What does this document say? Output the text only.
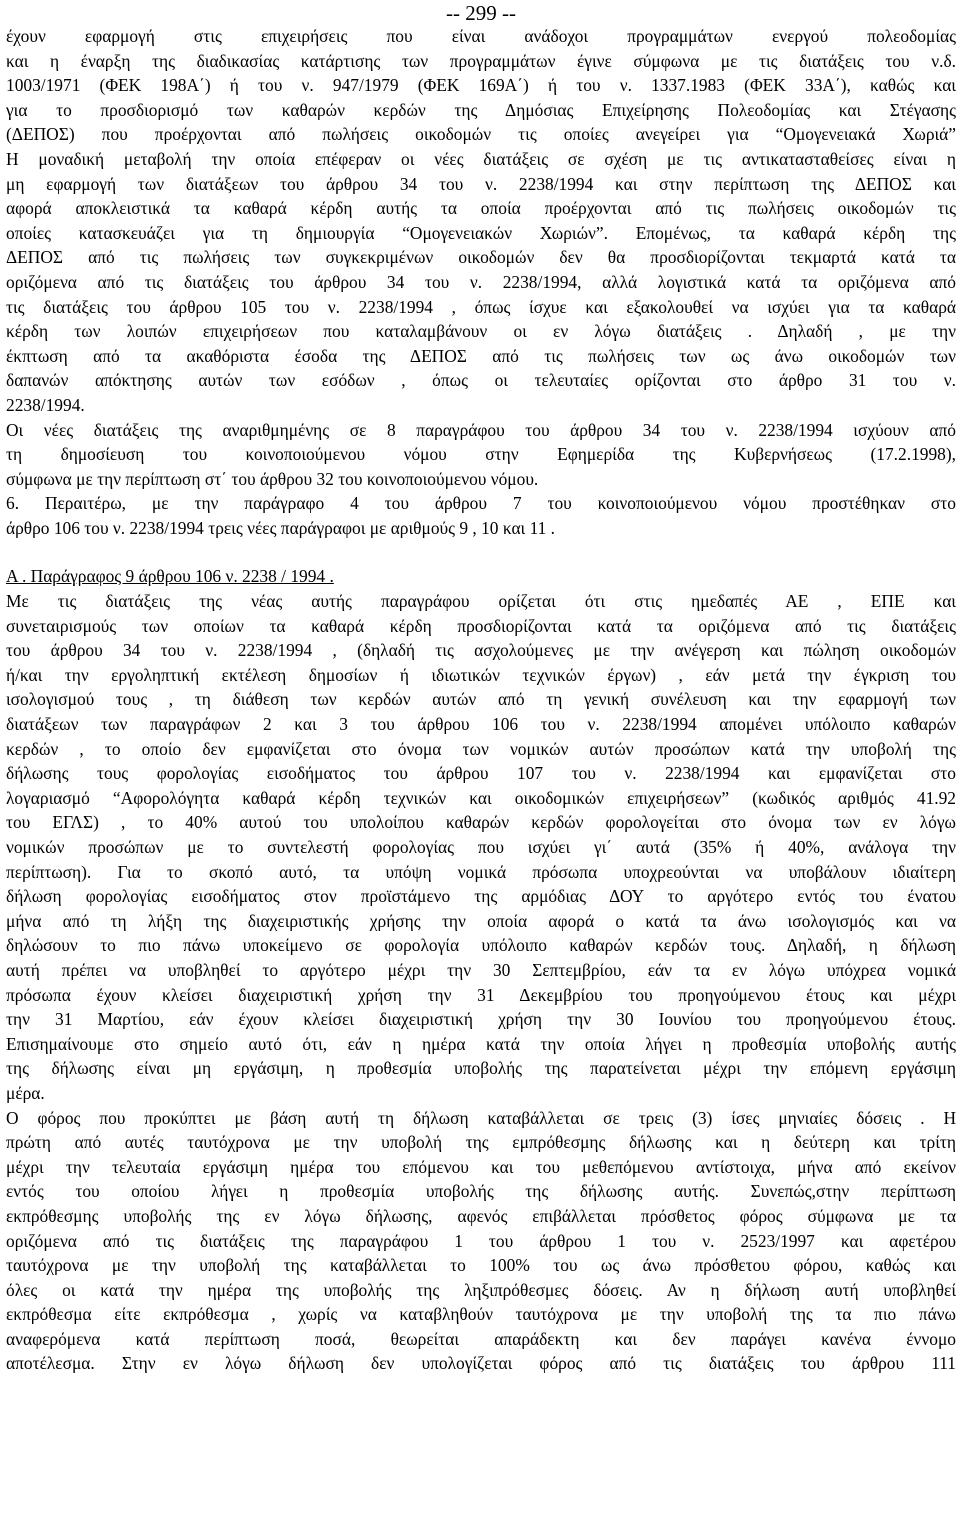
-- 299 --
έχουν εφαρμογή στις επιχειρήσεις που είναι ανάδοχοι προγραμμάτων ενεργού πολεοδομίας
και η έναρξη της διαδικασίας κατάρτισης των προγραμμάτων έγινε σύμφωνα με τις διατάξεις του ν.δ.
1003/1971 (ΦΕΚ 198Α΄) ή του ν. 947/1979 (ΦΕΚ 169Α΄) ή του ν. 1337.1983 (ΦΕΚ 33Α΄), καθώς και
για το προσδιορισμό των καθαρών κερδών της Δημόσιας Επιχείρησης Πολεοδομίας και Στέγασης
(ΔΕΠΟΣ) που προέρχονται από πωλήσεις οικοδομών τις οποίες ανεγείρει για “Ομογενειακά Χωριά”
Η μοναδική μεταβολή την οποία επέφεραν οι νέες διατάξεις σε σχέση με τις αντικατασταθείσες είναι η
μη εφαρμογή των διατάξεων του άρθρου 34 του ν. 2238/1994 και στην περίπτωση της ΔΕΠΟΣ και
αφορά αποκλειστικά τα καθαρά κέρδη αυτής τα οποία προέρχονται από τις πωλήσεις οικοδομών τις
οποίες κατασκευάζει για τη δημιουργία “Ομογενειακών Χωριών”. Επομένως, τα καθαρά κέρδη της
ΔΕΠΟΣ από τις πωλήσεις των συγκεκριμένων οικοδομών δεν θα προσδιορίζονται τεκμαρτά κατά τα
οριζόμενα από τις διατάξεις του άρθρου 34 του ν. 2238/1994, αλλά λογιστικά κατά τα οριζόμενα από
τις διατάξεις του άρθρου 105 του ν. 2238/1994 , όπως ίσχυε και εξακολουθεί να ισχύει για τα καθαρά
κέρδη των λοιπών επιχειρήσεων που καταλαμβάνουν οι εν λόγω διατάξεις . Δηλαδή , με την
έκπτωση από τα ακαθόριστα έσοδα της ΔΕΠΟΣ από τις πωλήσεις των ως άνω οικοδομών των
δαπανών απόκτησης αυτών των εσόδων , όπως οι τελευταίες ορίζονται στο άρθρο 31 του ν.
2238/1994.
Οι νέες διατάξεις της αναριθμημένης σε 8 παραγράφου του άρθρου 34 του ν. 2238/1994 ισχύουν από
τη δημοσίευση του κοινοποιούμενου νόμου στην Εφημερίδα της Κυβερνήσεως (17.2.1998),
σύμφωνα με την περίπτωση στ΄ του άρθρου 32 του κοινοποιούμενου νόμου.
6. Περαιτέρω, με την παράγραφο 4 του άρθρου 7 του κοινοποιούμενου νόμου προστέθηκαν στο
άρθρο 106 του ν. 2238/1994 τρεις νέες παράγραφοι με αριθμούς 9 , 10 και 11 .
Α . Παράγραφος 9 άρθρου 106 ν. 2238 / 1994 .
Με τις διατάξεις της νέας αυτής παραγράφου ορίζεται ότι στις ημεδαπές ΑΕ , ΕΠΕ και
συνεταιρισμούς των οποίων τα καθαρά κέρδη προσδιορίζονται κατά τα οριζόμενα από τις διατάξεις
του άρθρου 34 του ν. 2238/1994 , (δηλαδή τις ασχολούμενες με την ανέγερση και πώληση οικοδομών
ή/και την εργοληπτική εκτέλεση δημοσίων ή ιδιωτικών τεχνικών έργων) , εάν μετά την έγκριση του
ισολογισμού τους , τη διάθεση των κερδών αυτών από τη γενική συνέλευση και την εφαρμογή των
διατάξεων των παραγράφων 2 και 3 του άρθρου 106 του ν. 2238/1994 απομένει υπόλοιπο καθαρών
κερδών , το οποίο δεν εμφανίζεται στο όνομα των νομικών αυτών προσώπων κατά την υποβολή της
δήλωσης τους φορολογίας εισοδήματος του άρθρου 107 του ν. 2238/1994 και εμφανίζεται στο
λογαριασμό “Αφορολόγητα καθαρά κέρδη τεχνικών και οικοδομικών επιχειρήσεων” (κωδικός αριθμός 41.92
του ΕΓΛΣ) , το 40% αυτού του υπολοίπου καθαρών κερδών φορολογείται στο όνομα των εν λόγω
νομικών προσώπων με το συντελεστή φορολογίας που ισχύει γι΄ αυτά (35% ή 40%, ανάλογα την
περίπτωση). Για το σκοπό αυτό, τα υπόψη νομικά πρόσωπα υποχρεούνται να υποβάλουν ιδιαίτερη
δήλωση φορολογίας εισοδήματος στον προϊστάμενο της αρμόδιας ΔΟΥ το αργότερο εντός του ένατου
μήνα από τη λήξη της διαχειριστικής χρήσης την οποία αφορά ο κατά τα άνω ισολογισμός και να
δηλώσουν το πιο πάνω υποκείμενο σε φορολογία υπόλοιπο καθαρών κερδών τους. Δηλαδή, η δήλωση
αυτή πρέπει να υποβληθεί το αργότερο μέχρι την 30 Σεπτεμβρίου, εάν τα εν λόγω υπόχρεα νομικά
πρόσωπα έχουν κλείσει διαχειριστική χρήση την 31 Δεκεμβρίου του προηγούμενου έτους και μέχρι
την 31 Μαρτίου, εάν έχουν κλείσει διαχειριστική χρήση την 30 Ιουνίου του προηγούμενου έτους.
Επισημαίνουμε στο σημείο αυτό ότι, εάν η ημέρα κατά την οποία λήγει η προθεσμία υποβολής αυτής
της δήλωσης είναι μη εργάσιμη, η προθεσμία υποβολής της παρατείνεται μέχρι την επόμενη εργάσιμη
μέρα.
Ο φόρος που προκύπτει με βάση αυτή τη δήλωση καταβάλλεται σε τρεις (3) ίσες μηνιαίες δόσεις . Η
πρώτη από αυτές ταυτόχρονα με την υποβολή της εμπρόθεσμης δήλωσης και η δεύτερη και τρίτη
μέχρι την τελευταία εργάσιμη ημέρα του επόμενου και του μεθεπόμενου αντίστοιχα, μήνα από εκείνον
εντός του οποίου λήγει η προθεσμία υποβολής της δήλωσης αυτής. Συνεπώς,στην περίπτωση
εκπρόθεσμης υποβολής της εν λόγω δήλωσης, αφενός επιβάλλεται πρόσθετος φόρος σύμφωνα με τα
οριζόμενα από τις διατάξεις της παραγράφου 1 του άρθρου 1 του ν. 2523/1997 και αφετέρου
ταυτόχρονα με την υποβολή της καταβάλλεται το 100% του ως άνω πρόσθετου φόρου, καθώς και
όλες οι κατά την ημέρα της υποβολής της ληξιπρόθεσμες δόσεις. Αν η δήλωση αυτή υποβληθεί
εκπρόθεσμα είτε εκπρόθεσμα , χωρίς να καταβληθούν ταυτόχρονα με την υποβολή της τα πιο πάνω
αναφερόμενα κατά περίπτωση ποσά, θεωρείται απαράδεκτη και δεν παράγει κανένα έννομο
αποτέλεσμα. Στην εν λόγω δήλωση δεν υπολογίζεται φόρος από τις διατάξεις του άρθρου 111
